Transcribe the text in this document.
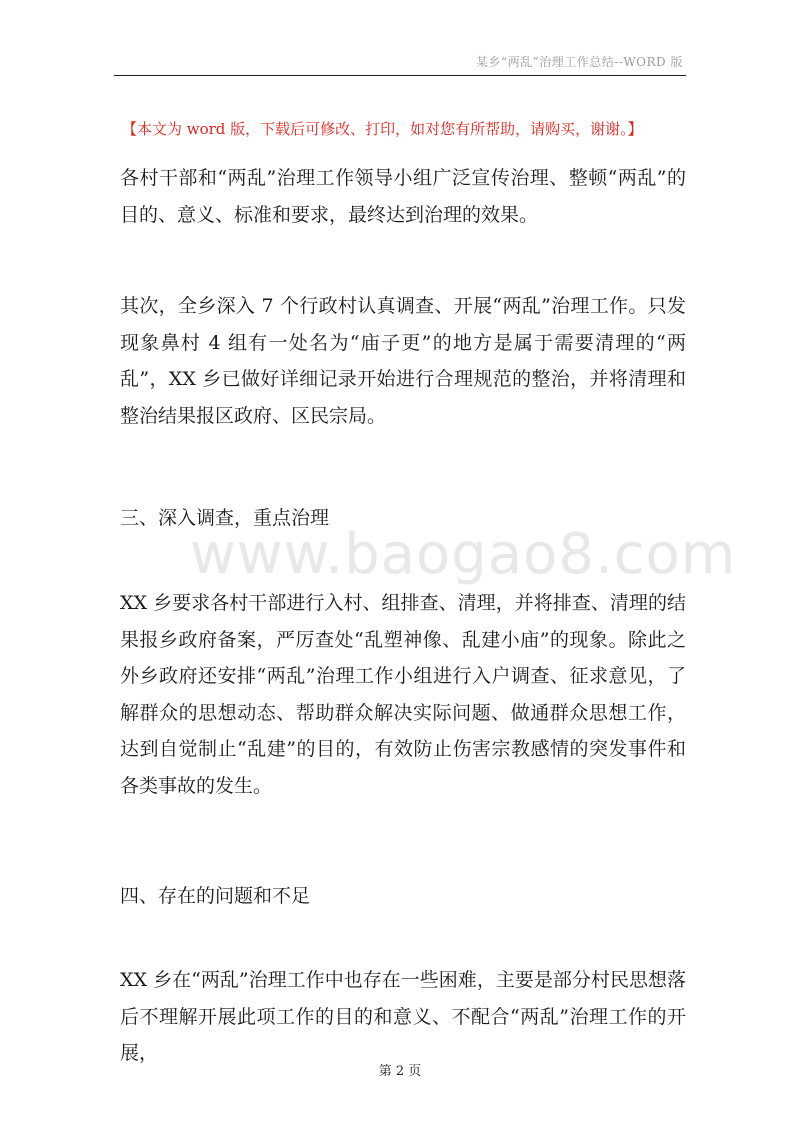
某乡“两乱”治理工作总结--WORD 版
【本文为 word 版，下载后可修改、打印，如对您有所帮助，请购买，谢谢。】
各村干部和“两乱”治理工作领导小组广泛宣传治理、整顿“两乱”的目的、意义、标准和要求，最终达到治理的效果。
其次，全乡深入 7 个行政村认真调查、开展“两乱”治理工作。只发现象鼻村 4 组有一处名为“庙子更”的地方是属于需要清理的“两乱”，XX 乡已做好详细记录开始进行合理规范的整治，并将清理和整治结果报区政府、区民宗局。
三、深入调查，重点治理
www.baogao8.com
XX 乡要求各村干部进行入村、组排查、清理，并将排查、清理的结果报乡政府备案，严厉查处“乱塑神像、乱建小庙”的现象。除此之外乡政府还安排“两乱”治理工作小组进行入户调查、征求意见，了解群众的思想动态、帮助群众解决实际问题、做通群众思想工作，达到自觉制止“乱建”的目的，有效防止伤害宗教感情的突发事件和各类事故的发生。
四、存在的问题和不足
XX 乡在“两乱”治理工作中也存在一些困难，主要是部分村民思想落后不理解开展此项工作的目的和意义、不配合“两乱”治理工作的开展，
第 2 页
